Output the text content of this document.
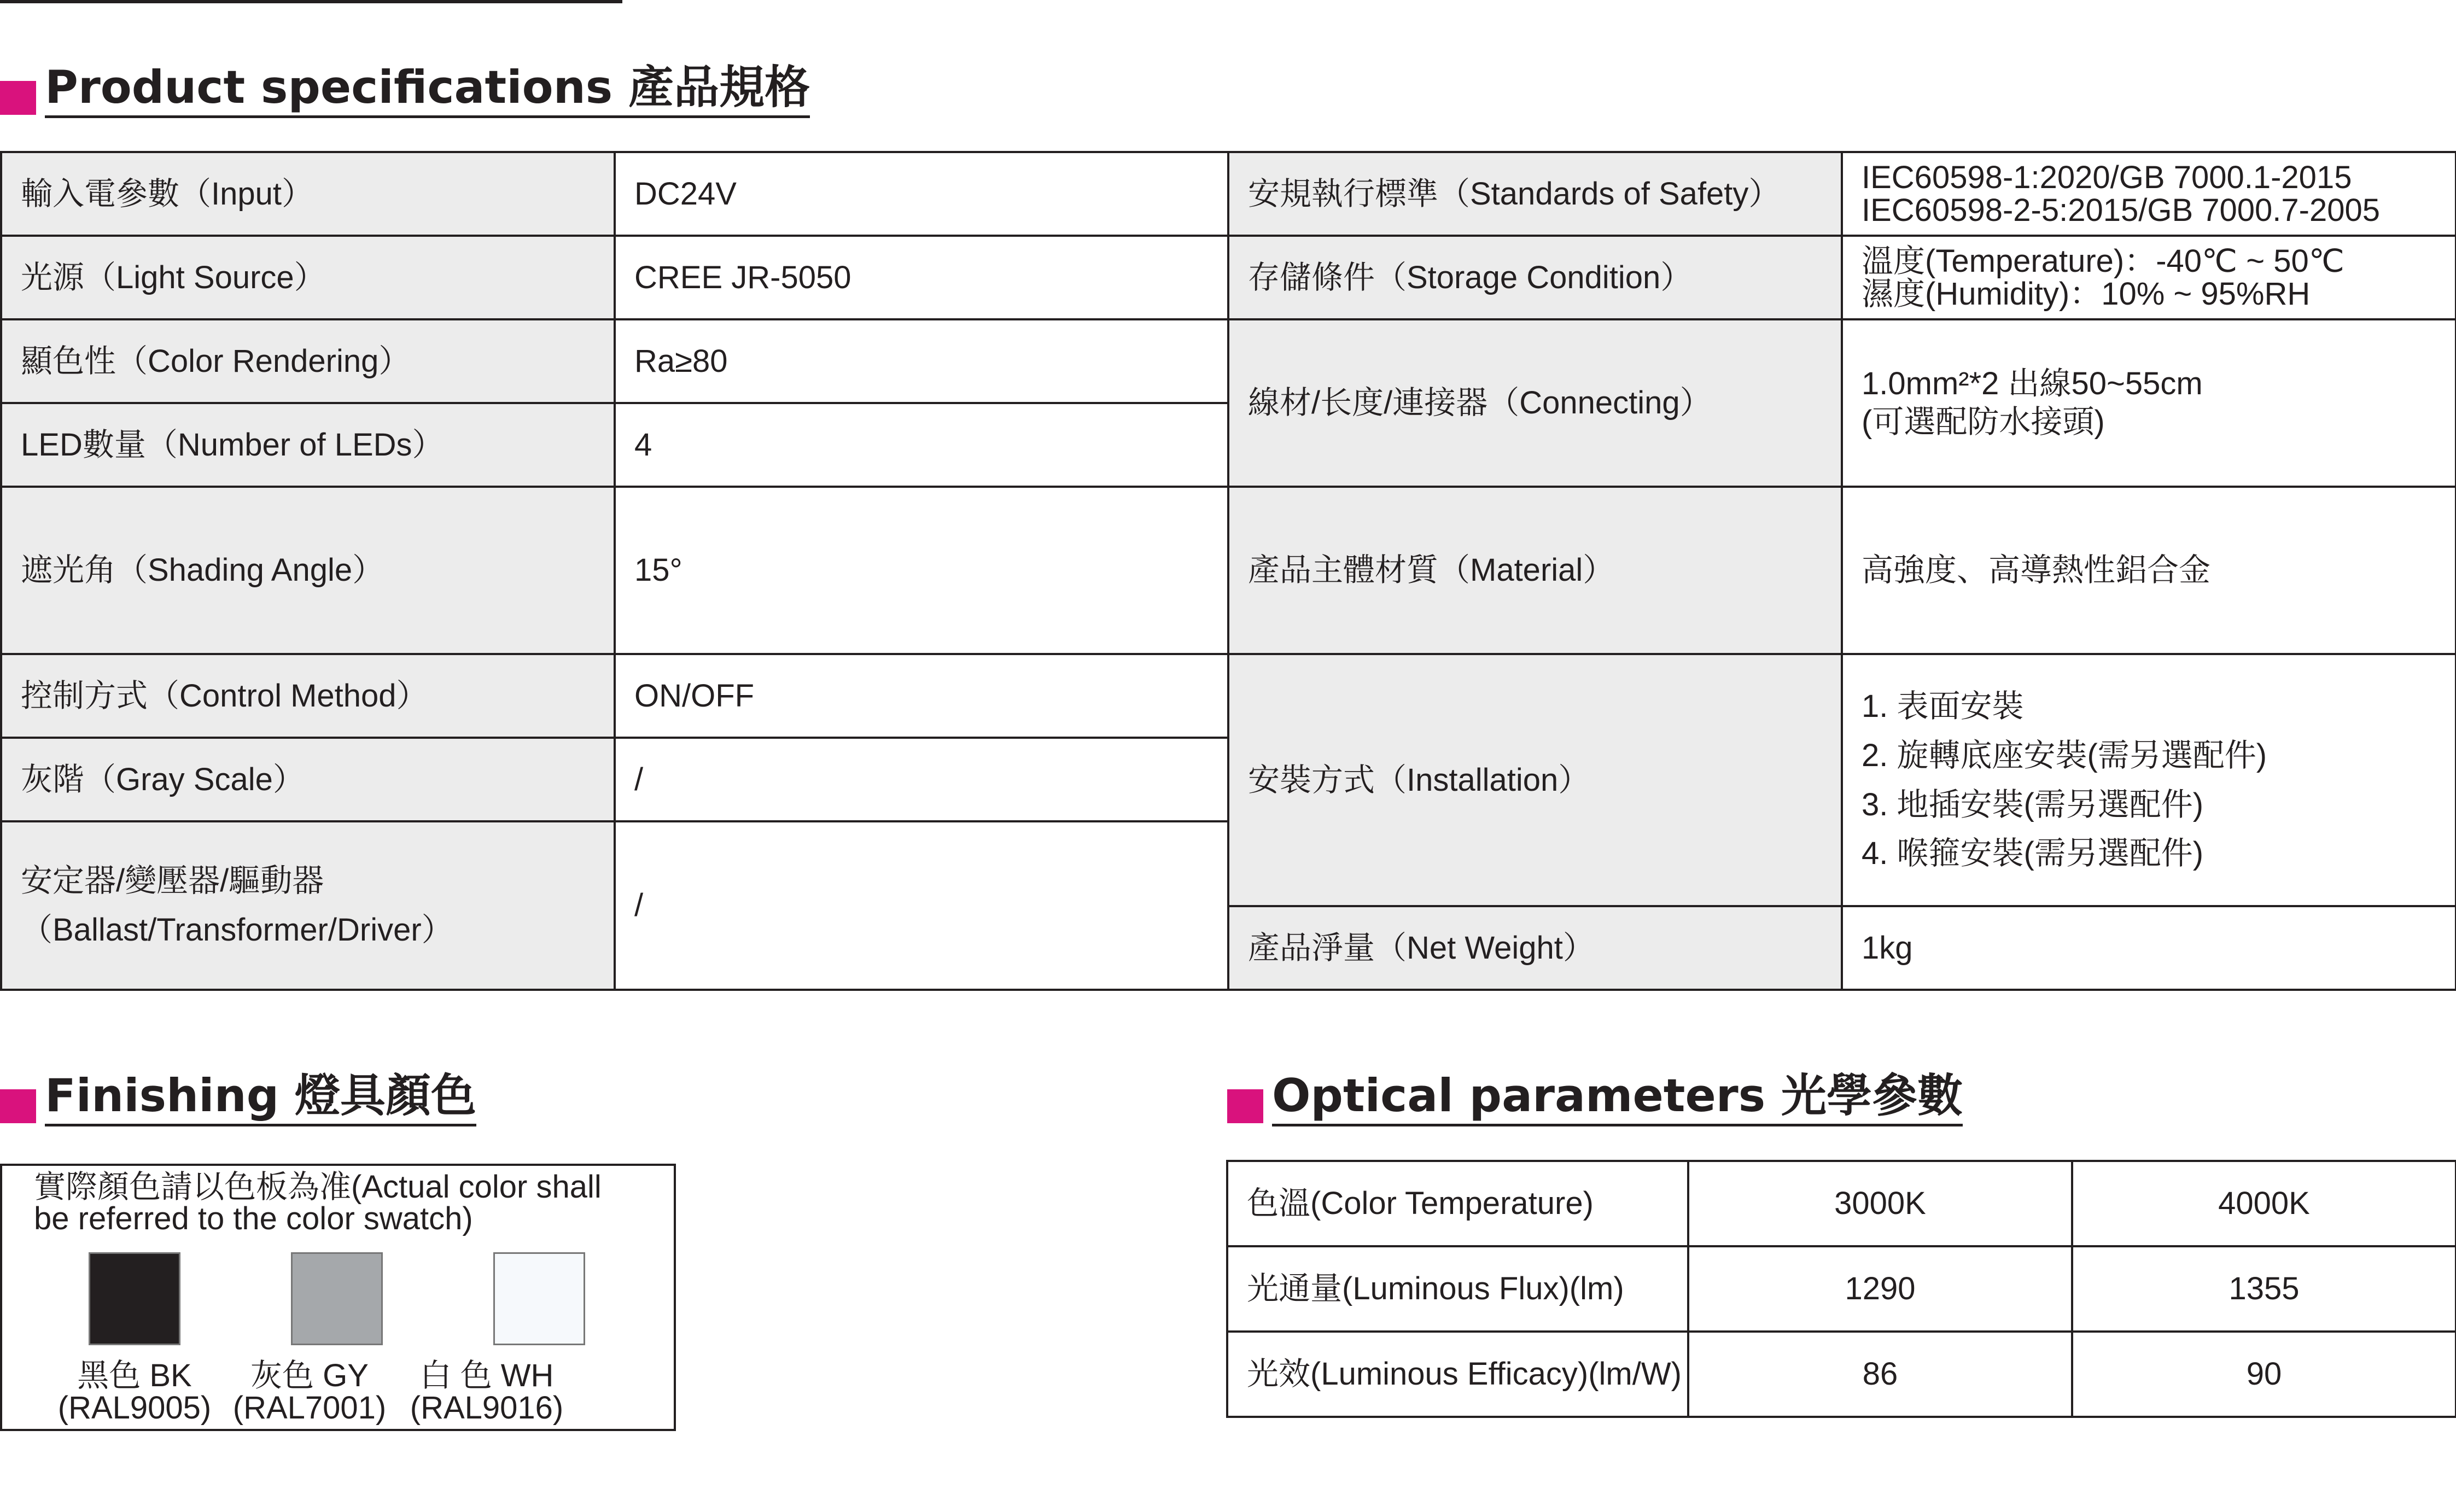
Product specifications 產品規格
輸入電參數（Input）	DC24V	安規執行標準（Standards of Safety）	IEC60598-1:2020/GB 7000.1-2015
IEC60598-2-5:2015/GB 7000.7-2005

光源（Light Source）	CREE JR-5050	存儲條件（Storage Condition）	溫度(Temperature)：-40℃ ~ 50℃
濕度(Humidity)：10% ~ 95%RH

顯色性（Color Rendering）	Ra≥80	線材/长度/連接器（Connecting）	1.0mm²*2 出線50~55cm
(可選配防水接頭)

LED數量（Number of LEDs）	4		
遮光角（Shading Angle）	15°	產品主體材質（Material）	高強度、高導熱性鋁合金
控制方式（Control Method）	ON/OFF	安裝方式（Installation）	1. 表面安裝
2. 旋轉底座安裝(需另選配件)
3. 地插安裝(需另選配件)
4. 喉箍安裝(需另選配件)

灰階（Gray Scale）	/		

安定器/變壓器/驅動器
（Ballast/Transformer/Driver）	/		
		產品淨量（Net Weight）	1kg
Finishing 燈具顏色
實際顏色請以色板為准(Actual color shall
be referred to the color swatch)
黑色 BK
(RAL9005)
灰色 GY
(RAL7001)
白 色 WH
(RAL9016)
Optical parameters 光學參數
色溫(Color Temperature)	3000K	4000K
光通量(Luminous Flux)(lm)	1290	1355
光效(Luminous Efficacy)(lm/W)	86	90
